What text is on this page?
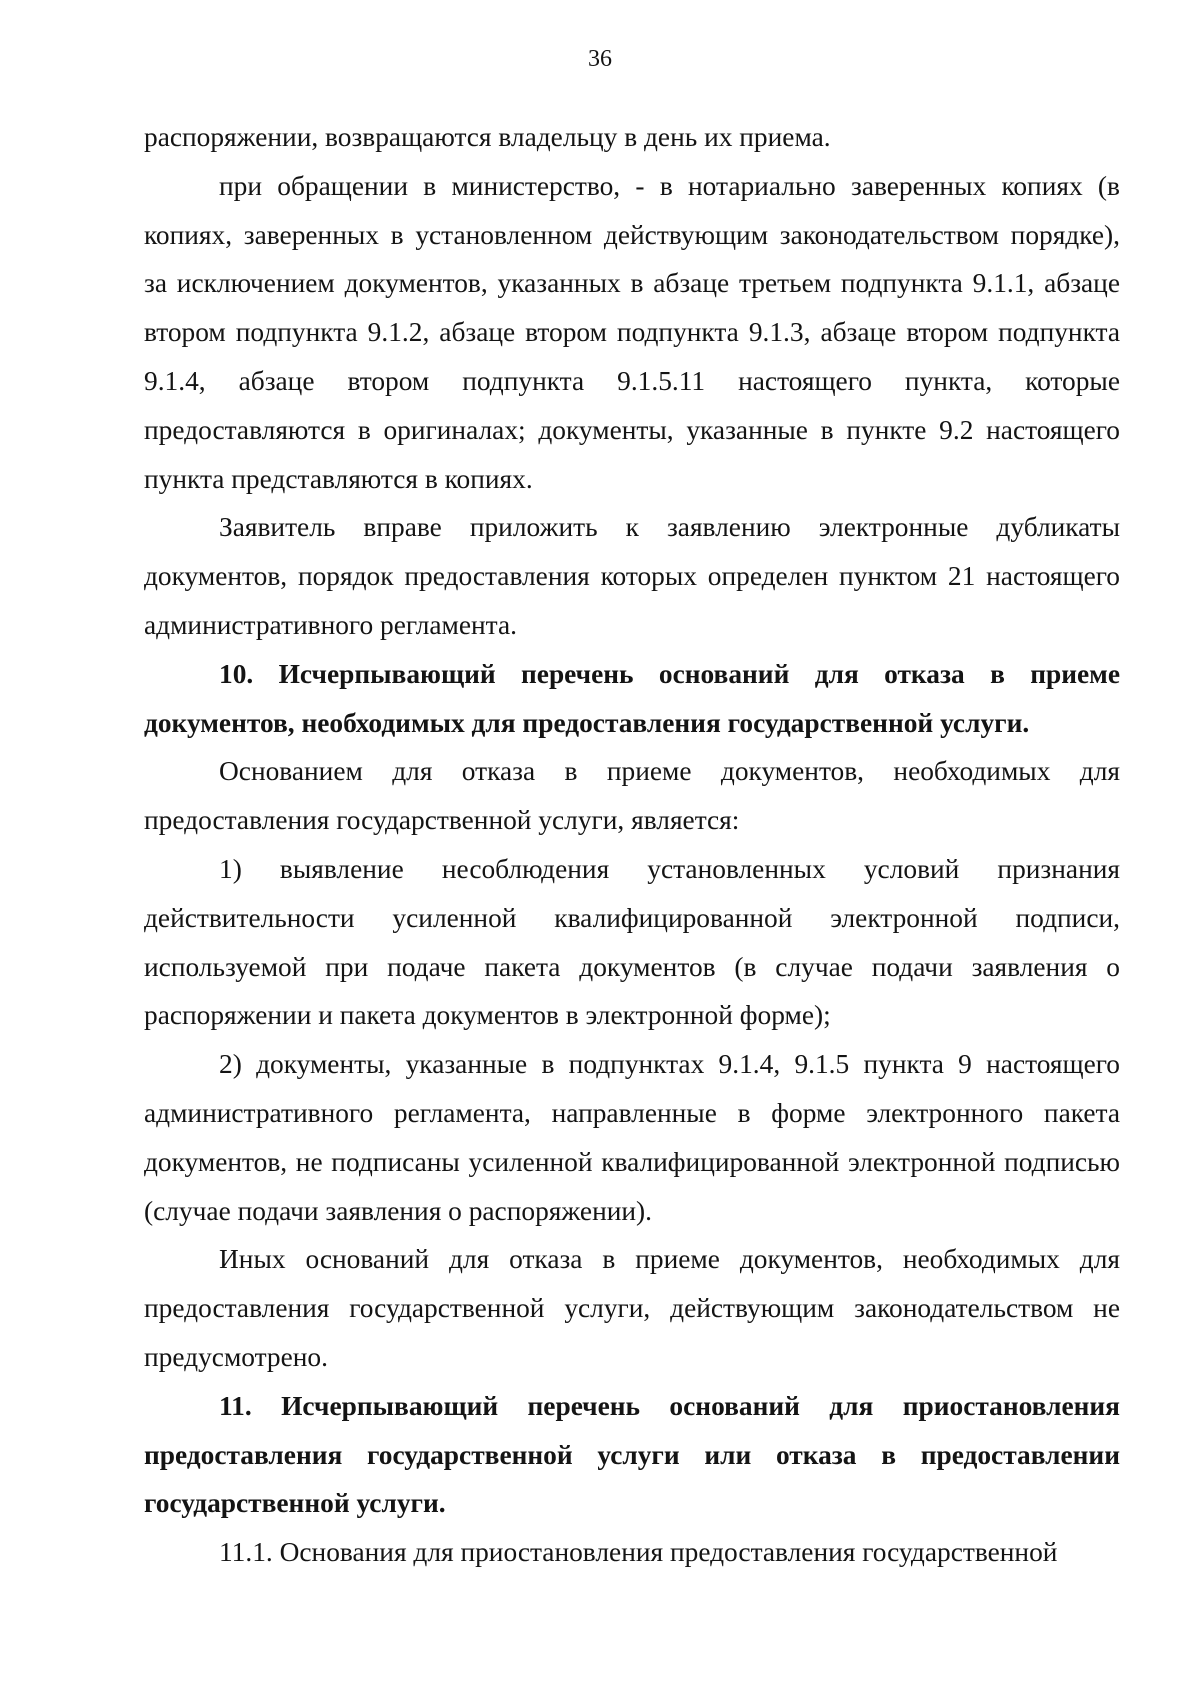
36

распоряжении, возвращаются владельцу в день их приема.

при обращении в министерство, - в нотариально заверенных копиях (в копиях, заверенных в установленном действующим законодательством порядке), за исключением документов, указанных в абзаце третьем подпункта 9.1.1, абзаце втором подпункта 9.1.2, абзаце втором подпункта 9.1.3, абзаце втором подпункта 9.1.4, абзаце втором подпункта 9.1.5.11 настоящего пункта, которые предоставляются в оригиналах; документы, указанные в пункте 9.2 настоящего пункта представляются в копиях.

Заявитель вправе приложить к заявлению электронные дубликаты документов, порядок предоставления которых определен пунктом 21 настоящего административного регламента.

10. Исчерпывающий перечень оснований для отказа в приеме документов, необходимых для предоставления государственной услуги.

Основанием для отказа в приеме документов, необходимых для предоставления государственной услуги, является:

1) выявление несоблюдения установленных условий признания действительности усиленной квалифицированной электронной подписи, используемой при подаче пакета документов (в случае подачи заявления о распоряжении и пакета документов в электронной форме);

2) документы, указанные в подпунктах 9.1.4, 9.1.5 пункта 9 настоящего административного регламента, направленные в форме электронного пакета документов, не подписаны усиленной квалифицированной электронной подписью (случае подачи заявления о распоряжении).

Иных оснований для отказа в приеме документов, необходимых для предоставления государственной услуги, действующим законодательством не предусмотрено.

11. Исчерпывающий перечень оснований для приостановления предоставления государственной услуги или отказа в предоставлении государственной услуги.

11.1. Основания для приостановления предоставления государственной
